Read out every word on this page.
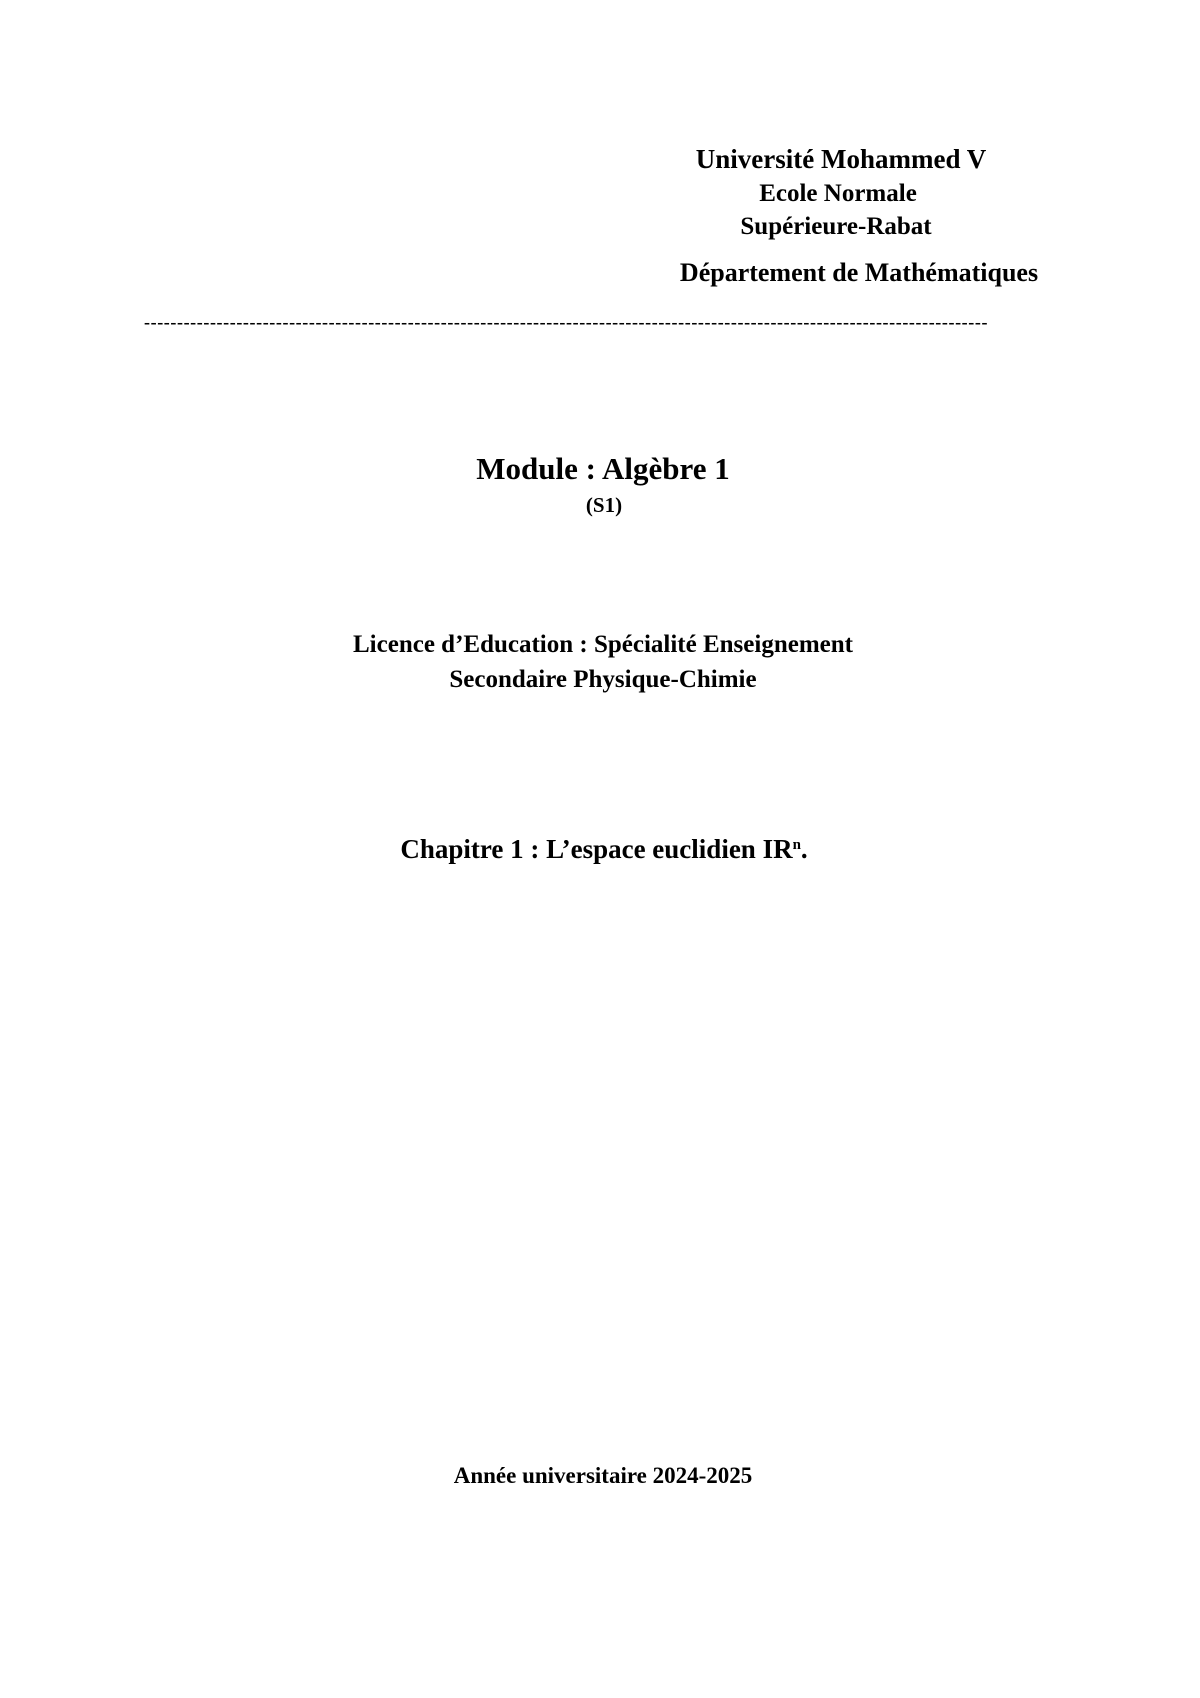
Université Mohammed V
Ecole Normale
Supérieure-Rabat
Département de Mathématiques
--------------------------------------------------------------------------------------------------------------------------------
Module : Algèbre 1
(S1)
Licence d’Education : Spécialité Enseignement
Secondaire Physique-Chimie
Chapitre 1 : L’espace euclidien $IR^n$.
Année universitaire 2024-2025
